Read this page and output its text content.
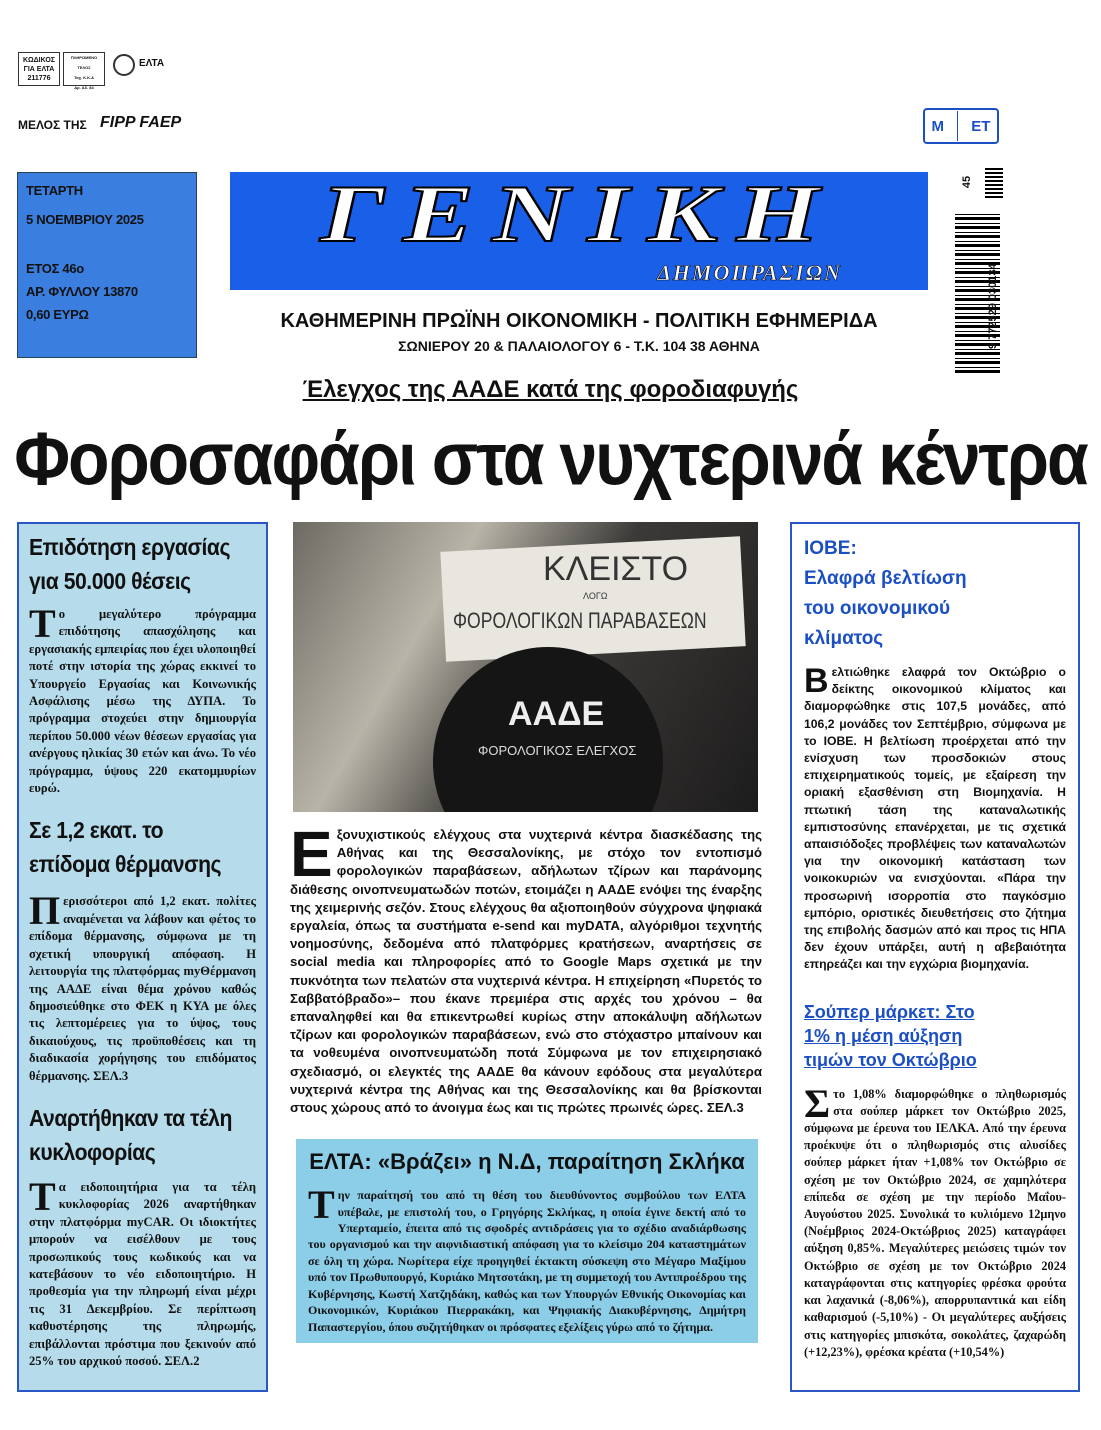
ΚΩΔΙΚΟΣ
ΓΙΑ ΕΛΤΑ
211776
ΠΛΗΡΩΜΕΝΟ ΤΕΛΟΣ
Ταχ. Κ.Κ.Α
Αρ. Αδ. 84
ΕΛΤΑ
ΜΕΛΟΣ ΤΗΣ FIPP FAEP	Μ ΕΤ
45
9 772529 030134
ΤΕΤΑΡΤΗ
5 ΝΟΕΜΒΡΙΟΥ 2025
ΕΤΟΣ 46ο
ΑΡ. ΦΥΛΛΟΥ 13870
0,60 ΕΥΡΩ
ΓΕΝΙΚΗ
ΔΗΜΟΠΡΑΣΙΩΝ
ΚΑΘΗΜΕΡΙΝΗ ΠΡΩΪΝΗ ΟΙΚΟΝΟΜΙΚΗ - ΠΟΛΙΤΙΚΗ ΕΦΗΜΕΡΙΔΑ
ΣΩΝΙΕΡΟΥ 20 & ΠΑΛΑΙΟΛΟΓΟΥ 6 - Τ.Κ. 104 38 ΑΘΗΝΑ
Έλεγχος της ΑΑΔΕ κατά της φοροδιαφυγής
Φοροσαφάρι στα νυχτερινά κέντρα
Επιδότηση εργασίας για 50.000 θέσεις

Το μεγαλύτερο πρόγραμμα επιδότησης απασχόλησης και εργασιακής εμπειρίας που έχει υλοποιηθεί ποτέ στην ιστορία της χώρας εκκινεί το Υπουργείο Εργασίας και Κοινωνικής Ασφάλισης μέσω της ΔΥΠΑ. Το πρόγραμμα στοχεύει στην δημιουργία περίπου 50.000 νέων θέσεων εργασίας για ανέργους ηλικίας 30 ετών και άνω. Το νέο πρόγραμμα, ύψους 220 εκατομμυρίων ευρώ.

Σε 1,2 εκατ. το επίδομα θέρμανσης

Περισσότεροι από 1,2 εκατ. πολίτες αναμένεται να λάβουν και φέτος το επίδομα θέρμανσης, σύμφωνα με τη σχετική υπουργική απόφαση. Η λειτουργία της πλατφόρμας myΘέρμανση της ΑΑΔΕ είναι θέμα χρόνου καθώς δημοσιεύθηκε στο ΦΕΚ η ΚΥΑ με όλες τις λεπτομέρειες για το ύψος, τους δικαιούχους, τις προϋποθέσεις και τη διαδικασία χορήγησης του επιδόματος θέρμανσης. ΣΕΛ.3

Αναρτήθηκαν τα τέλη κυκλοφορίας

Τα ειδοποιητήρια για τα τέλη κυκλοφορίας 2026 αναρτήθηκαν στην πλατφόρμα myCAR. Οι ιδιοκτήτες μπορούν να εισέλθουν με τους προσωπικούς τους κωδικούς και να κατεβάσουν το νέο ειδοποιητήριο. Η προθεσμία για την πληρωμή είναι μέχρι τις 31 Δεκεμβρίου. Σε περίπτωση καθυστέρησης της πληρωμής, επιβάλλονται πρόστιμα που ξεκινούν από 25% του αρχικού ποσού. ΣΕΛ.2

ΚΛΕΙΣΤΟ
ΛΟΓΩ
ΦΟΡΟΛΟΓΙΚΩΝ ΠΑΡΑΒΑΣΕΩΝ
ΑΑΔΕ
ΦΟΡΟΛΟΓΙΚΟΣ ΕΛΕΓΧΟΣ
Εξονυχιστικούς ελέγχους στα νυχτερινά κέντρα διασκέδασης της Αθήνας και της Θεσσαλονίκης, με στόχο τον εντοπισμό φορολογικών παραβάσεων, αδήλωτων τζίρων και παράνομης διάθεσης οινοπνευματωδών ποτών, ετοιμάζει η ΑΑΔΕ ενόψει της έναρξης της χειμερινής σεζόν. Στους ελέγχους θα αξιοποιηθούν σύγχρονα ψηφιακά εργαλεία, όπως τα συστήματα e-send και myDATA, αλγόριθμοι τεχνητής νοημοσύνης, δεδομένα από πλατφόρμες κρατήσεων, αναρτήσεις σε social media και πληροφορίες από το Google Maps σχετικά με την πυκνότητα των πελατών στα νυχτερινά κέντρα. Η επιχείρηση «Πυρετός το Σαββατόβραδο»– που έκανε πρεμιέρα στις αρχές του χρόνου – θα επαναληφθεί και θα επικεντρωθεί κυρίως στην αποκάλυψη αδήλωτων τζίρων και φορολογικών παραβάσεων, ενώ στο στόχαστρο μπαίνουν και τα νοθευμένα οινοπνευματώδη ποτά Σύμφωνα με τον επιχειρησιακό σχεδιασμό, οι ελεγκτές της ΑΑΔΕ θα κάνουν εφόδους στα μεγαλύτερα νυχτερινά κέντρα της Αθήνας και της Θεσσαλονίκης και θα βρίσκονται στους χώρους από το άνοιγμα έως και τις πρώτες πρωινές ώρες. ΣΕΛ.3
ΕΛΤΑ: «Βράζει» η Ν.Δ, παραίτηση Σκλήκα

Την παραίτησή του από τη θέση του διευθύνοντος συμβούλου των ΕΛΤΑ υπέβαλε, με επιστολή του, ο Γρηγόρης Σκλήκας, η οποία έγινε δεκτή από το Υπερταμείο, έπειτα από τις σφοδρές αντιδράσεις για το σχέδιο αναδιάρθωσης του οργανισμού και την αιφνιδιαστική απόφαση για το κλείσιμο 204 καταστημάτων σε όλη τη χώρα. Νωρίτερα είχε προηγηθεί έκτακτη σύσκεψη στο Μέγαρο Μαξίμου υπό τον Πρωθυπουργό, Κυριάκο Μητσοτάκη, με τη συμμετοχή του Αντιπροέδρου της Κυβέρνησης, Κωστή Χατζηδάκη, καθώς και των Υπουργών Εθνικής Οικονομίας και Οικονομικών, Κυριάκου Πιερρακάκη, και Ψηφιακής Διακυβέρνησης, Δημήτρη Παπαστεργίου, όπου συζητήθηκαν οι πρόσφατες εξελίξεις γύρω από το ζήτημα.

ΙΟΒΕ:
Ελαφρά βελτίωση του οικονομικού κλίματος

Βελτιώθηκε ελαφρά τον Οκτώβριο ο δείκτης οικονομικού κλίματος και διαμορφώθηκε στις 107,5 μονάδες, από 106,2 μονάδες τον Σεπτέμβριο, σύμφωνα με το ΙΟΒΕ. Η βελτίωση προέρχεται από την ενίσχυση των προσδοκιών στους επιχειρηματικούς τομείς, με εξαίρεση την οριακή εξασθένιση στη Βιομηχανία. Η πτωτική τάση της καταναλωτικής εμπιστοσύνης επανέρχεται, με τις σχετικά απαισιόδοξες προβλέψεις των καταναλωτών για την οικονομική κατάσταση των νοικοκυριών να ενισχύονται. «Πάρα την προσωρινή ισορροπία στο παγκόσμιο εμπόριο, οριστικές διευθετήσεις στο ζήτημα της επιβολής δασμών από και προς τις ΗΠΑ δεν έχουν υπάρξει, αυτή η αβεβαιότητα επηρεάζει και την εγχώρια βιομηχανία.

Σούπερ μάρκετ: Στο 1% η μέση αύξηση τιμών τον Οκτώβριο

Στο 1,08% διαμορφώθηκε ο πληθωρισμός στα σούπερ μάρκετ τον Οκτώβριο 2025, σύμφωνα με έρευνα του ΙΕΛΚΑ. Από την έρευνα προέκυψε ότι ο πληθωρισμός στις αλυσίδες σούπερ μάρκετ ήταν +1,08% τον Οκτώβριο σε σχέση με τον Οκτώβριο 2024, σε χαμηλότερα επίπεδα σε σχέση με την περίοδο Μαΐου-Αυγούστου 2025. Συνολικά το κυλιόμενο 12μηνο (Νοέμβριος 2024-Οκτώβριος 2025) καταγράφει αύξηση 0,85%. Μεγαλύτερες μειώσεις τιμών τον Οκτώβριο σε σχέση με τον Οκτώβριο 2024 καταγράφονται στις κατηγορίες φρέσκα φρούτα και λαχανικά (-8,06%), απορρυπαντικά και είδη καθαρισμού (-5,10%) - Οι μεγαλύτερες αυξήσεις στις κατηγορίες μπισκότα, σοκολάτες, ζαχαρώδη (+12,23%), φρέσκα κρέατα (+10,54%)
